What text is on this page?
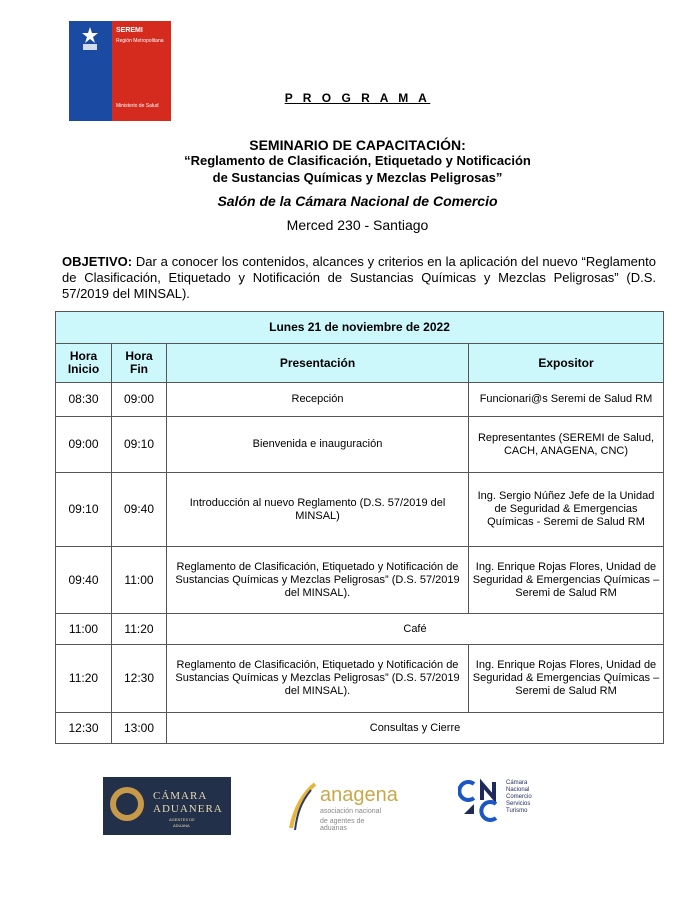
SEREMI
Región Metropolitana
Ministerio de Salud
P R O G R A M A
SEMINARIO DE CAPACITACIÓN:
“Reglamento de Clasificación, Etiquetado y Notificación
de Sustancias Químicas y Mezclas Peligrosas”
Salón de la Cámara Nacional de Comercio
Merced 230 - Santiago
OBJETIVO: Dar a conocer los contenidos, alcances y criterios en la aplicación del nuevo “Reglamento de Clasificación, Etiquetado y Notificación de Sustancias Químicas y Mezclas Peligrosas” (D.S. 57/2019 del MINSAL).
Lunes 21 de noviembre de 2022			
Hora Inicio	Hora Fin	Presentación	Expositor
08:30	09:00	Recepción	Funcionari@s Seremi de Salud RM
09:00	09:10	Bienvenida e inauguración	Representantes (SEREMI de Salud, CACH, ANAGENA, CNC)
09:10	09:40	Introducción al nuevo Reglamento (D.S. 57/2019 del MINSAL)	Ing. Sergio Núñez Jefe de la Unidad de Seguridad & Emergencias Químicas - Seremi de Salud RM
09:40	11:00	Reglamento de Clasificación, Etiquetado y Notificación de Sustancias Químicas y Mezclas Peligrosas” (D.S. 57/2019 del MINSAL).	Ing. Enrique Rojas Flores, Unidad de Seguridad & Emergencias Químicas – Seremi de Salud RM
11:00	11:20	Café	
11:20	12:30	Reglamento de Clasificación, Etiquetado y Notificación de Sustancias Químicas y Mezclas Peligrosas” (D.S. 57/2019 del MINSAL).	Ing. Enrique Rojas Flores, Unidad de Seguridad & Emergencias Químicas – Seremi de Salud RM
12:30	13:00	Consultas y Cierre	
CÁMARA
ADUANERA
AGENTES DE
ADUANA
anagena
asociación nacional
de agentes de aduanas
Cámara
Nacional
Comercio
Servicios
Turismo
